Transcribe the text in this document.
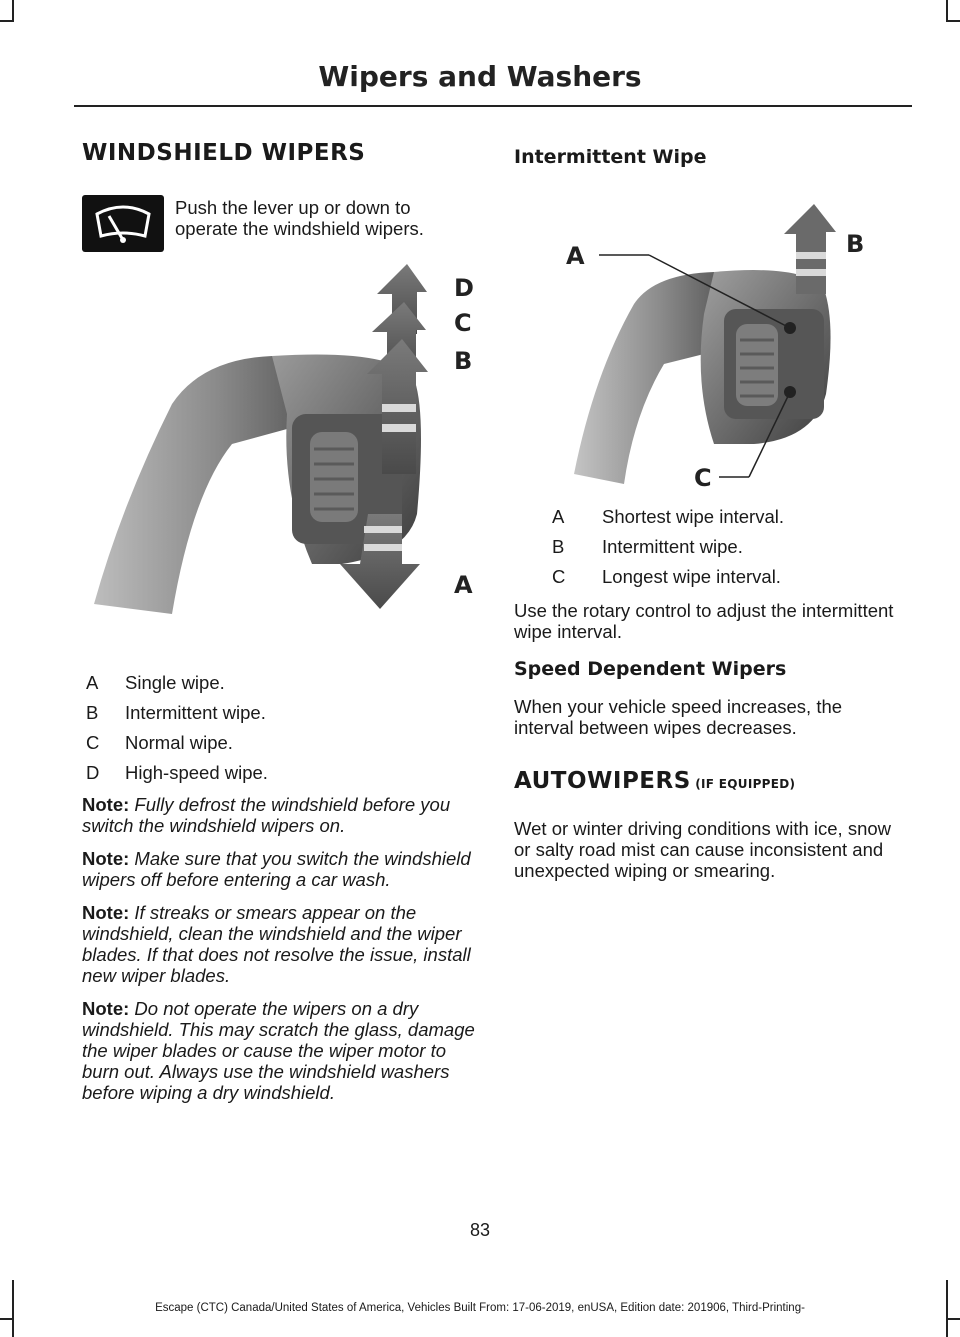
Wipers and Washers
WINDSHIELD WIPERS

Push the lever up or down to operate the windshield wipers.

D
C
B
A
A	Single wipe.
B	Intermittent wipe.
C	Normal wipe.
D	High-speed wipe.

Note: Fully defrost the windshield before you switch the windshield wipers on.

Note: Make sure that you switch the windshield wipers off before entering a car wash.

Note: If streaks or smears appear on the windshield, clean the windshield and the wiper blades. If that does not resolve the issue, install new wiper blades.

Note: Do not operate the wipers on a dry windshield. This may scratch the glass, damage the wiper blades or cause the wiper motor to burn out. Always use the windshield washers before wiping a dry windshield.

Intermittent Wipe
A	B
C
A	Shortest wipe interval.
B	Intermittent wipe.
C	Longest wipe interval.

Use the rotary control to adjust the intermittent wipe interval.

Speed Dependent Wipers

When your vehicle speed increases, the interval between wipes decreases.

AUTOWIPERS (IF EQUIPPED)

Wet or winter driving conditions with ice, snow or salty road mist can cause inconsistent and unexpected wiping or smearing.

83
Escape (CTC) Canada/United States of America, Vehicles Built From: 17-06-2019, enUSA, Edition date: 201906, Third-Printing-
